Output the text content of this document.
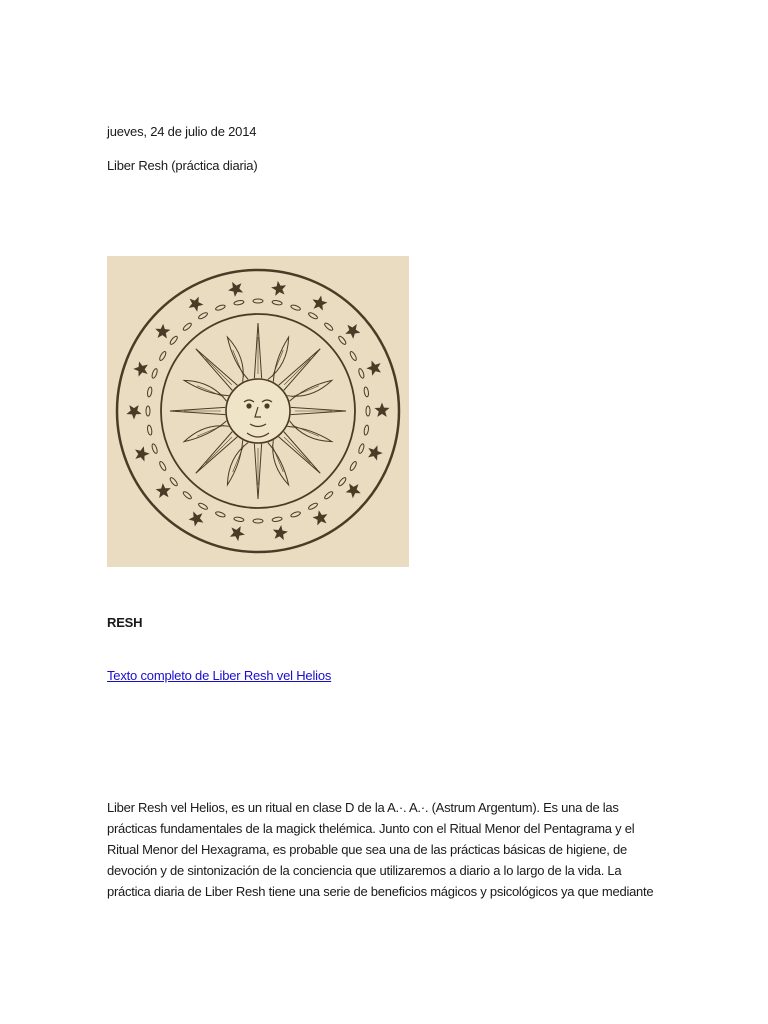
jueves, 24 de julio de 2014
Liber Resh (práctica diaria)
RESH
Texto completo de Liber Resh vel Helios

Liber Resh vel Helios, es un ritual en clase D de la A.·. A.·. (Astrum Argentum). Es una de las
prácticas fundamentales de la magick thelémica. Junto con el Ritual Menor del Pentagrama y el
Ritual Menor del Hexagrama, es probable que sea una de las prácticas básicas de higiene, de
devoción y de sintonización de la conciencia que utilizaremos a diario a lo largo de la vida. La
práctica diaria de Liber Resh tiene una serie de beneficios mágicos y psicológicos ya que mediante
